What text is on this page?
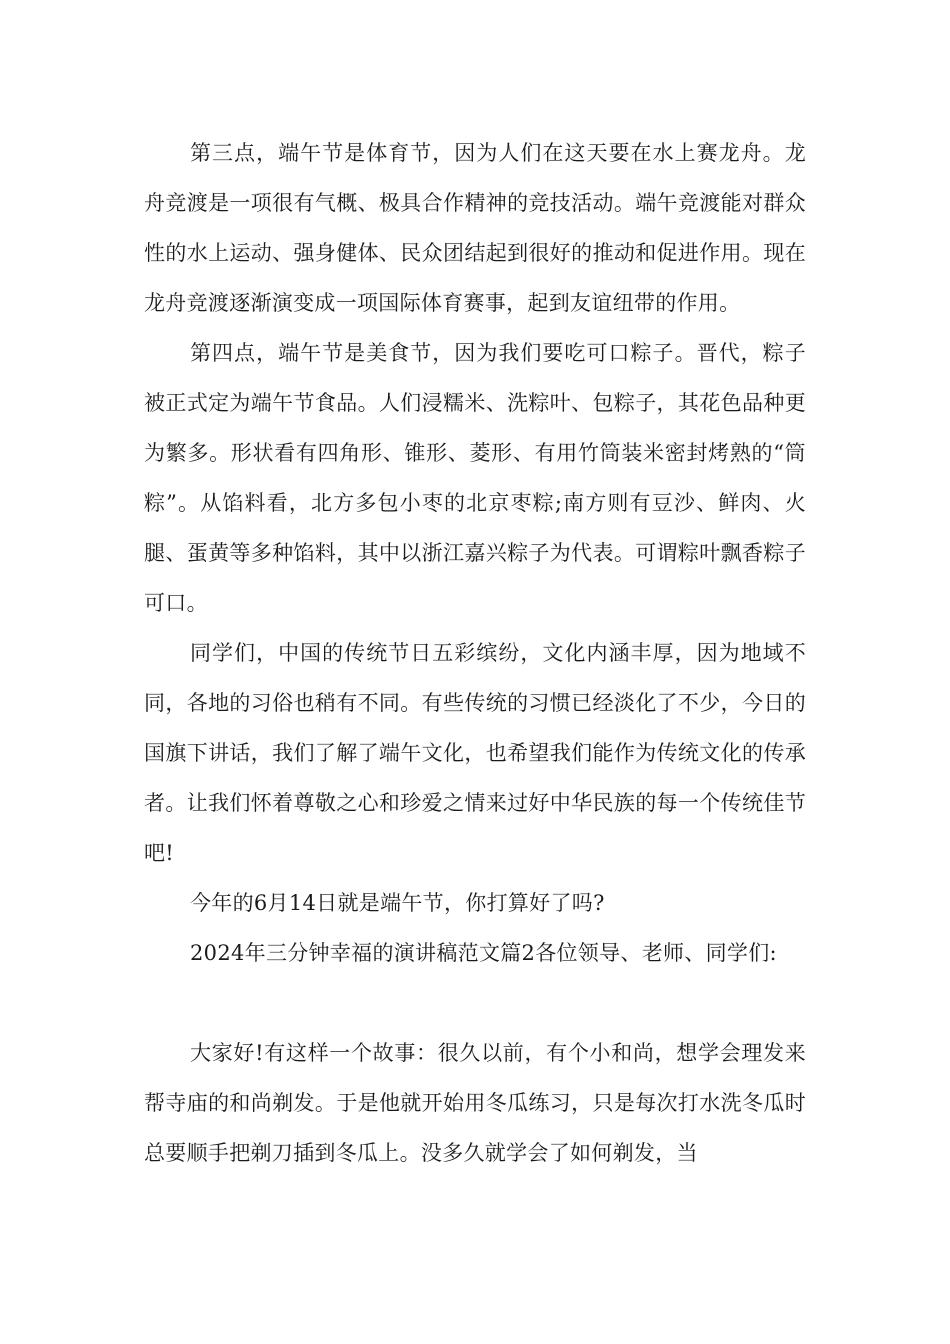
第三点，端午节是体育节，因为人们在这天要在水上赛龙舟。龙舟竞渡是一项很有气概、极具合作精神的竞技活动。端午竞渡能对群众性的水上运动、强身健体、民众团结起到很好的推动和促进作用。现在龙舟竞渡逐渐演变成一项国际体育赛事，起到友谊纽带的作用。

第四点，端午节是美食节，因为我们要吃可口粽子。晋代，粽子被正式定为端午节食品。人们浸糯米、洗粽叶、包粽子，其花色品种更为繁多。形状看有四角形、锥形、菱形、有用竹筒装米密封烤熟的“筒粽”。从馅料看，北方多包小枣的北京枣粽;南方则有豆沙、鲜肉、火腿、蛋黄等多种馅料，其中以浙江嘉兴粽子为代表。可谓粽叶飘香粽子可口。

同学们，中国的传统节日五彩缤纷，文化内涵丰厚，因为地域不同，各地的习俗也稍有不同。有些传统的习惯已经淡化了不少，今日的国旗下讲话，我们了解了端午文化，也希望我们能作为传统文化的传承者。让我们怀着尊敬之心和珍爱之情来过好中华民族的每一个传统佳节吧!

今年的6月14日就是端午节，你打算好了吗?

2024年三分钟幸福的演讲稿范文篇2各位领导、老师、同学们:

大家好!有这样一个故事：很久以前，有个小和尚，想学会理发来帮寺庙的和尚剃发。于是他就开始用冬瓜练习，只是每次打水洗冬瓜时总要顺手把剃刀插到冬瓜上。没多久就学会了如何剃发，当
